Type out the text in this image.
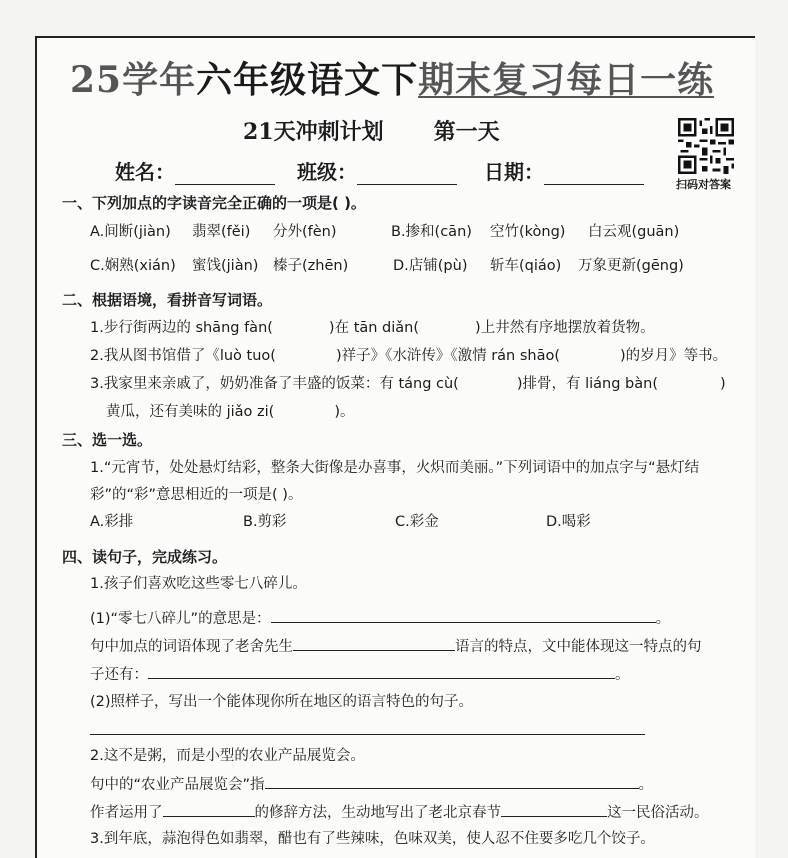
25学年六年级语文下期末复习每日一练
21天冲刺计划 第一天
姓名：	班级：	日期：
扫码对答案
一、下列加点的字读音完全正确的一项是( )。
A.间断(jiàn) 翡翠(fěi) 分外(fèn)	B.掺和(cān) 空竹(kòng) 白云观(guān)
C.娴熟(xián) 蜜饯(jiàn) 榛子(zhēn)	D.店铺(pù) 斩车(qiáo) 万象更新(gēng)
二、根据语境，看拼音写词语。
1.步行街两边的 shāng fàn(	)在 tān diǎn(	)上井然有序地摆放着货物。
2.我从图书馆借了《luò tuo(	)祥子》《水浒传》《激情 rán shāo(	)的岁月》等书。
3.我家里来亲戚了，奶奶准备了丰盛的饭菜：有 táng cù(	)排骨，有 liáng bàn(	)
黄瓜，还有美味的 jiǎo zi(	)。
三、选一选。
1.“元宵节，处处悬灯结彩，整条大街像是办喜事，火炽而美丽。”下列词语中的加点字与“悬灯结
彩”的“彩”意思相近的一项是( )。
A.彩排	B.剪彩	C.彩金	D.喝彩
四、读句子，完成练习。
1.孩子们喜欢吃这些零七八碎儿。
(1)“零七八碎儿”的意思是：	。
句中加点的词语体现了老舍先生	语言的特点，文中能体现这一特点的句
子还有：	。
(2)照样子，写出一个能体现你所在地区的语言特色的句子。
2.这不是粥，而是小型的农业产品展览会。
句中的“农业产品展览会”指	。
作者运用了	的修辞方法，生动地写出了老北京春节	这一民俗活动。
3.到年底，蒜泡得色如翡翠，醋也有了些辣味，色味双美，使人忍不住要多吃几个饺子。
